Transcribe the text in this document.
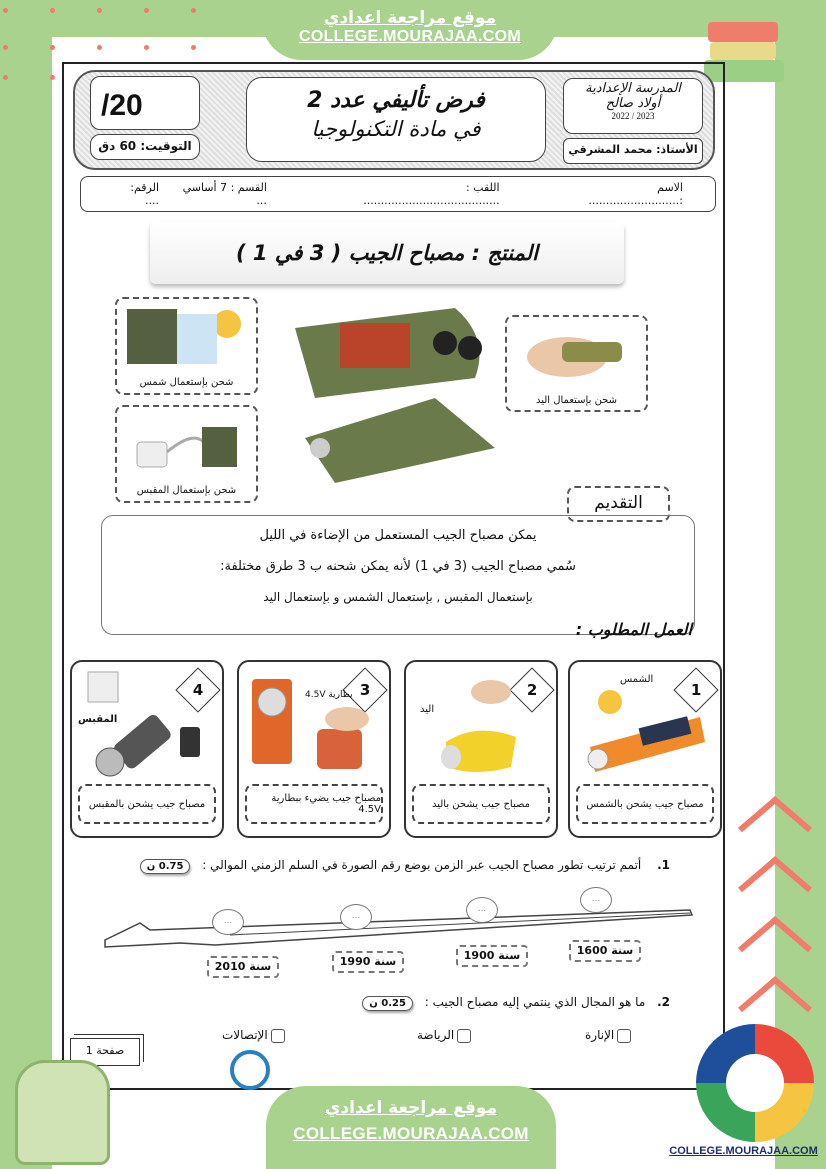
موقع مراجعة اعدادي
COLLEGE.MOURAJAA.COM
/20
التوقيت: 60 دق
فرض تأليفي عدد 2
في مادة التكنولوجيا
المدرسة الإعدادية
أولاد صالح
2023 / 2022
الأستاذ: محمد المشرقي
الاسم :..........................
اللقب : .......................................
القسم : 7 أساسي ...
الرقم: ....
المنتج : مصباح الجيب ( 3 في 1 )
شحن بإستعمال شمس
شحن بإستعمال اليد
شحن بإستعمال المقبس
التقديم

يمكن مصباح الجيب المستعمل من الإضاءة في الليل

سُمي مصباح الجيب (3 في 1) لأنه يمكن شحنه ب 3 طرق مختلفة:

بإستعمال المقبس , بإستعمال الشمس و بإستعمال اليد

العمل المطلوب :
1
الشمس
مصباح جيب يشحن بالشمس
2
اليد
مصباح جيب يشحن باليد
3
بطارية 4.5V
مصباح جيب يضيء ببطارية 4.5V
4
المقبس
مصباح جيب يشحن بالمقبس
1. أتمم ترتيب تطور مصباح الجيب عبر الزمن بوضع رقم الصورة في السلم الزمني الموالي : 0.75 ن
...
...
...
...
سنة 1600
سنة 1900
سنة 1990
سنة 2010
2. ما هو المجال الذي ينتمي إليه مصباح الجيب : 0.25 ن
الإنارة
الرياضة
الإتصالات
صفحة 1
موقع مراجعة اعدادي
COLLEGE.MOURAJAA.COM
COLLEGE.MOURAJAA.COM
